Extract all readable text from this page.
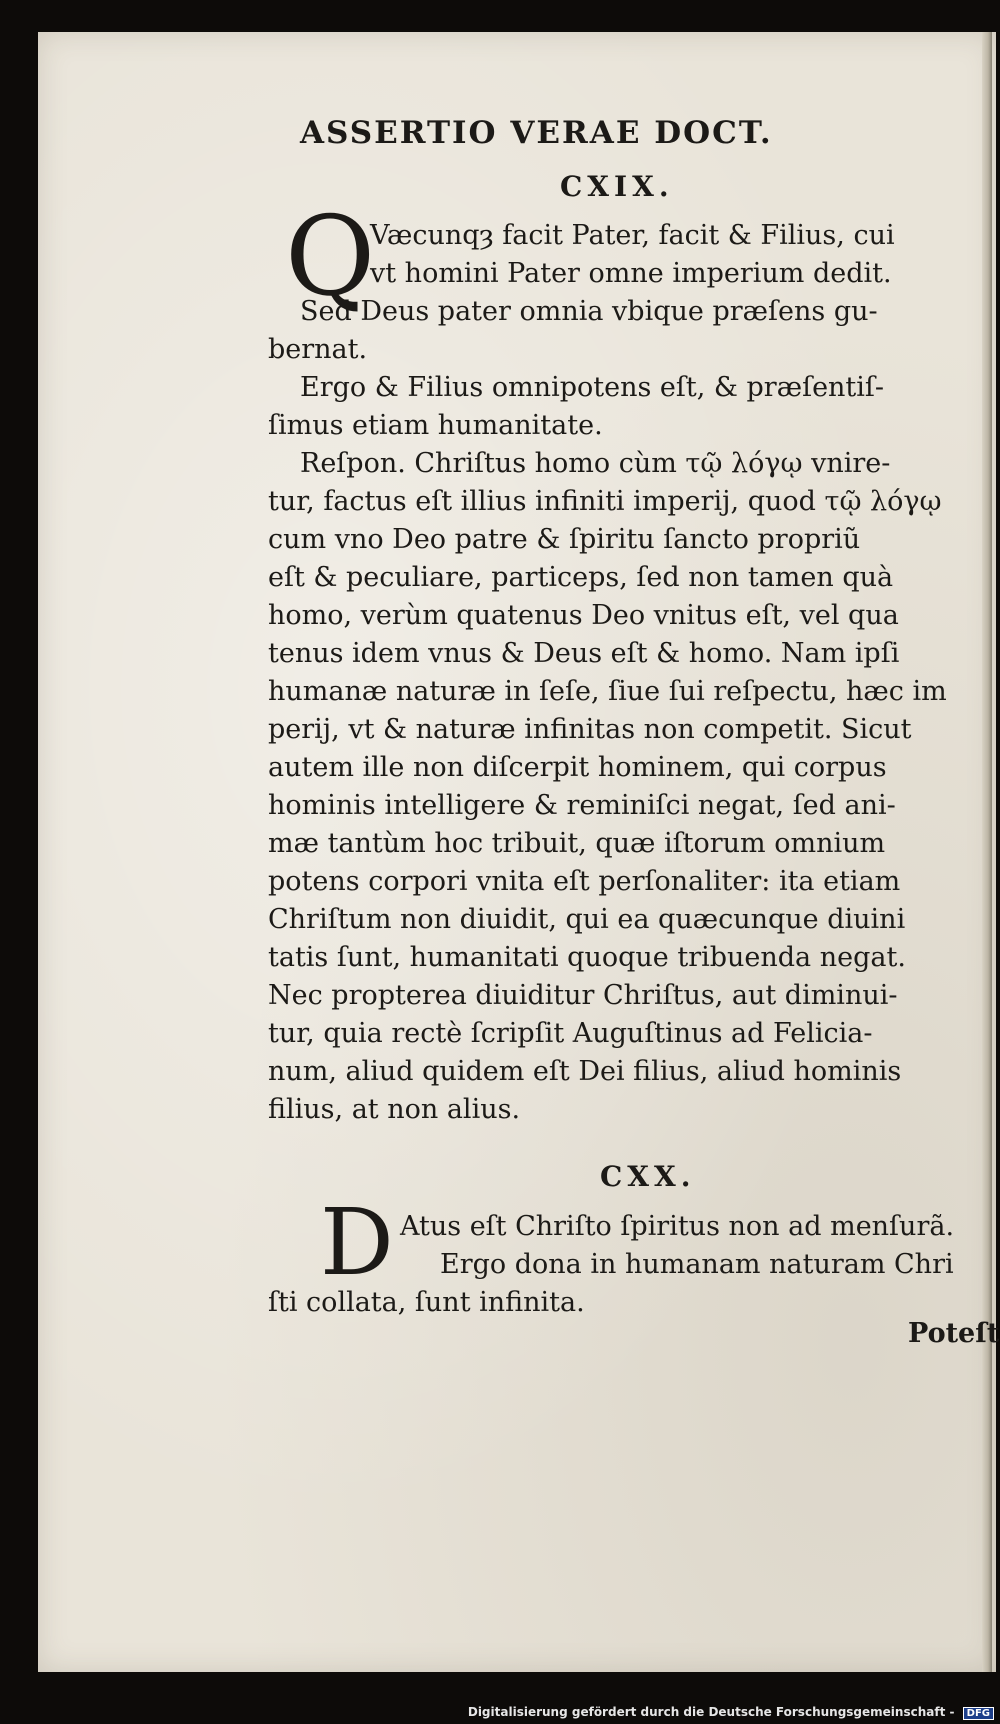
ASSERTIO VERAE DOCT.
CXIX.
Q
Væcunqȝ facit Pater, facit & Filius, cui
vt homini Pater omne imperium dedit.
Sed Deus pater omnia vbique præſens gu-
bernat.
Ergo & Filius omnipotens eſt, & præſentiſ-
ſimus etiam humanitate.
Reſpon. Chriſtus homo cùm τῷ λόγῳ vnire-
tur, factus eſt illius infiniti imperij, quod τῷ λόγῳ
cum vno Deo patre & ſpiritu ſancto propriũ
eſt & peculiare, particeps, ſed non tamen quà
homo, verùm quatenus Deo vnitus eſt, vel qua
tenus idem vnus & Deus eſt & homo. Nam ipſi
humanæ naturæ in ſeſe, ſiue ſui reſpectu, hæc im
perij, vt & naturæ infinitas non competit. Sicut
autem ille non diſcerpit hominem, qui corpus
hominis intelligere & reminiſci negat, ſed ani-
mæ tantùm hoc tribuit, quæ iſtorum omnium
potens corpori vnita eſt perſonaliter: ita etiam
Chriſtum non diuidit, qui ea quæcunque diuini
tatis ſunt, humanitati quoque tribuenda negat.
Nec propterea diuiditur Chriſtus, aut diminui-
tur, quia rectè ſcripſit Auguſtinus ad Felicia-
num, aliud quidem eſt Dei filius, aliud hominis
filius, at non alius.
CXX.
D Atus eſt Chriſto ſpiritus non ad menſurã.
Ergo dona in humanam naturam Chri
ſti collata, ſunt infinita.
Poteſt
Digitalisierung gefördert durch die Deutsche Forschungsgemeinschaft - DFG
